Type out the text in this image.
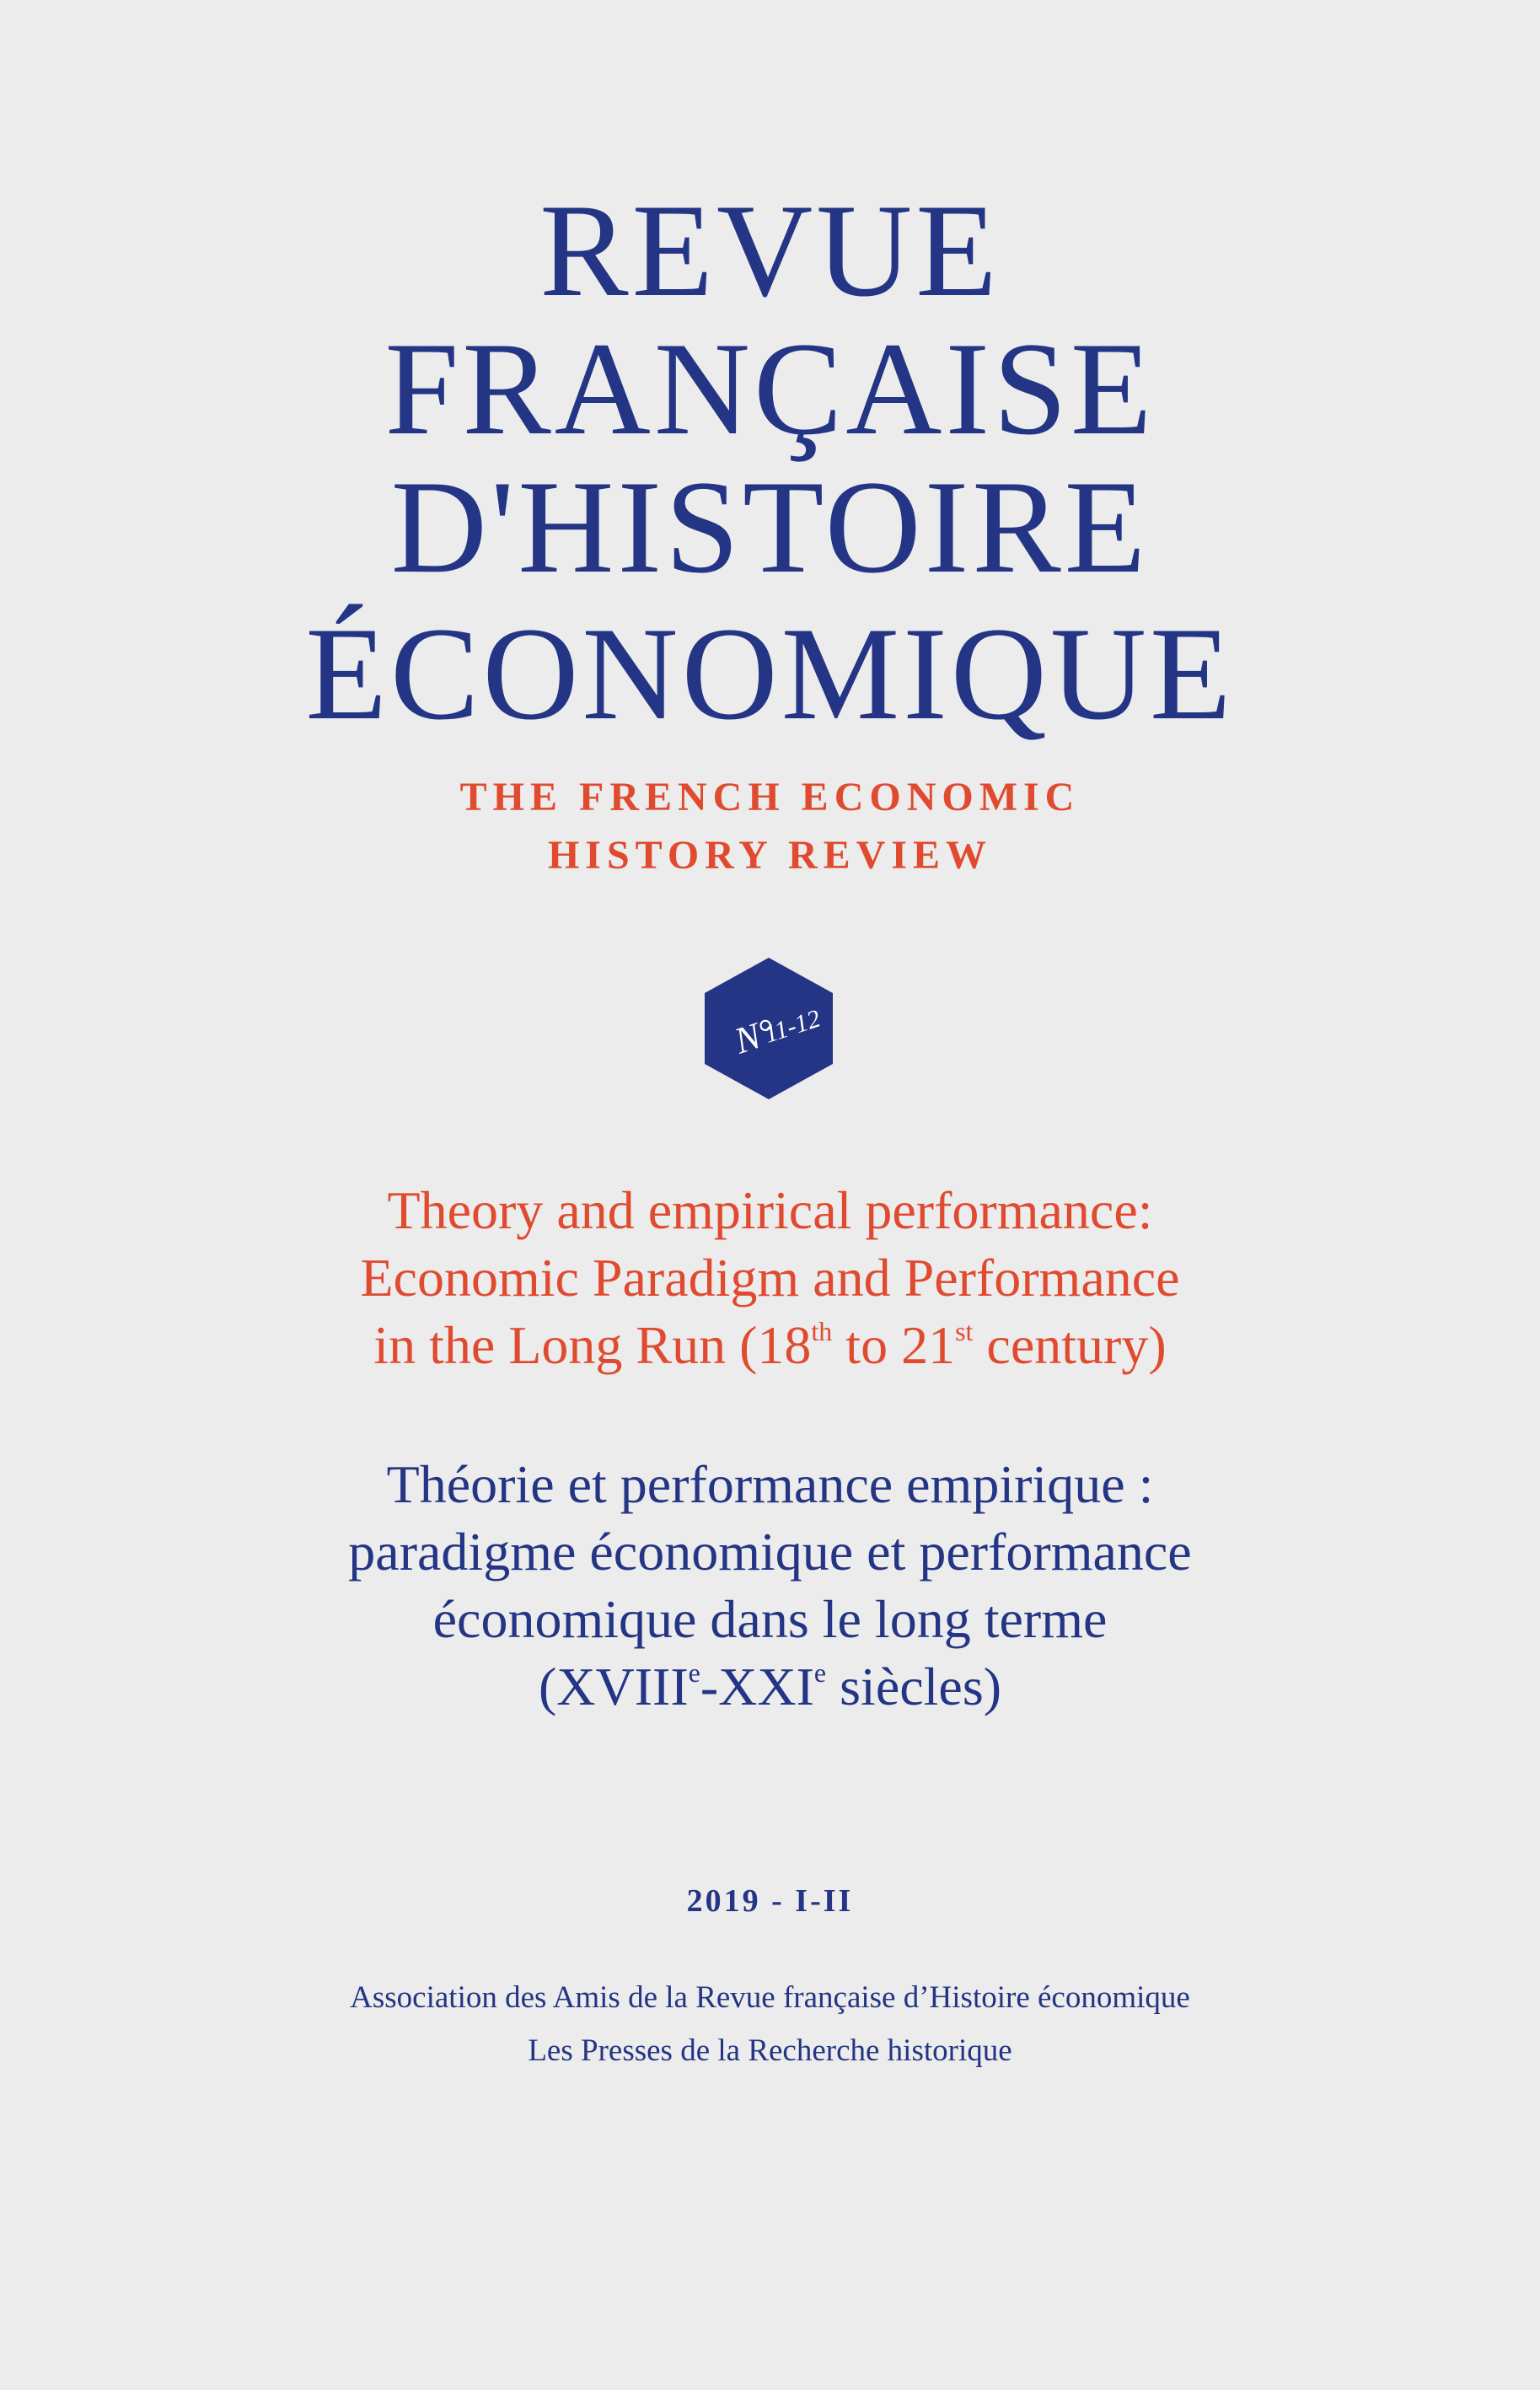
REVUE
FRANÇAISE
D'HISTOIRE
ÉCONOMIQUE
THE FRENCH ECONOMIC
HISTORY REVIEW
N°
11-12
Theory and empirical performance:
Economic Paradigm and Performance
in the Long Run (18th to 21st century)
Théorie et performance empirique :
paradigme économique et performance
économique dans le long terme
(XVIIIe-XXIe siècles)
2019 - I-II
Association des Amis de la Revue française d’Histoire économique
Les Presses de la Recherche historique
